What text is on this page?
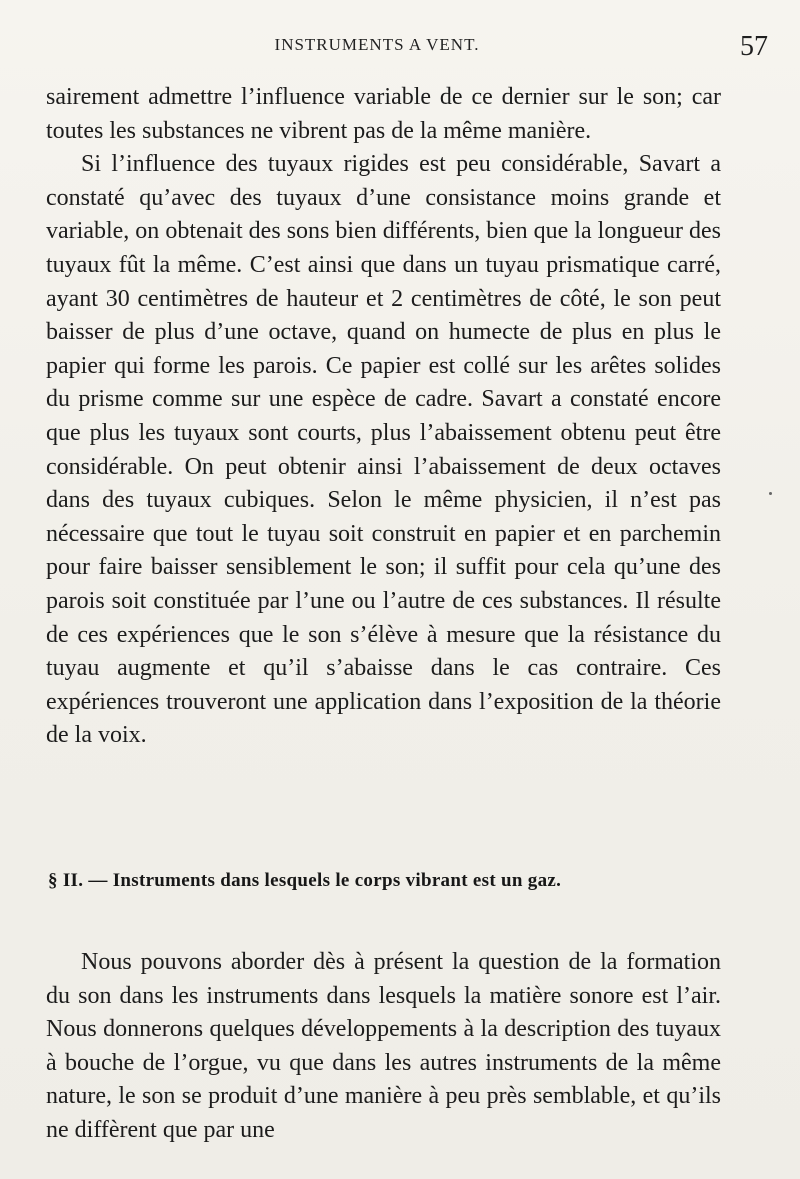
INSTRUMENTS A VENT.	57

sairement admettre l’influence variable de ce dernier sur le son; car toutes les substances ne vibrent pas de la même manière.

Si l’influence des tuyaux rigides est peu considérable, Savart a constaté qu’avec des tuyaux d’une consistance moins grande et variable, on obtenait des sons bien différents, bien que la longueur des tuyaux fût la même. C’est ainsi que dans un tuyau prismatique carré, ayant 30 centimètres de hauteur et 2 centimètres de côté, le son peut baisser de plus d’une octave, quand on humecte de plus en plus le papier qui forme les parois. Ce papier est collé sur les arêtes solides du prisme comme sur une espèce de cadre. Savart a constaté encore que plus les tuyaux sont courts, plus l’abaissement obtenu peut être considérable. On peut obtenir ainsi l’abaissement de deux octaves dans des tuyaux cubiques. Selon le même physicien, il n’est pas nécessaire que tout le tuyau soit construit en papier et en parchemin pour faire baisser sensiblement le son; il suffit pour cela qu’une des parois soit constituée par l’une ou l’autre de ces substances. Il résulte de ces expériences que le son s’élève à mesure que la résistance du tuyau augmente et qu’il s’abaisse dans le cas contraire. Ces expériences trouveront une application dans l’exposition de la théorie de la voix.

§ II. — Instruments dans lesquels le corps vibrant est un gaz.

Nous pouvons aborder dès à présent la question de la formation du son dans les instruments dans lesquels la matière sonore est l’air. Nous donnerons quelques développements à la description des tuyaux à bouche de l’orgue, vu que dans les autres instruments de la même nature, le son se produit d’une manière à peu près semblable, et qu’ils ne diffèrent que par une
